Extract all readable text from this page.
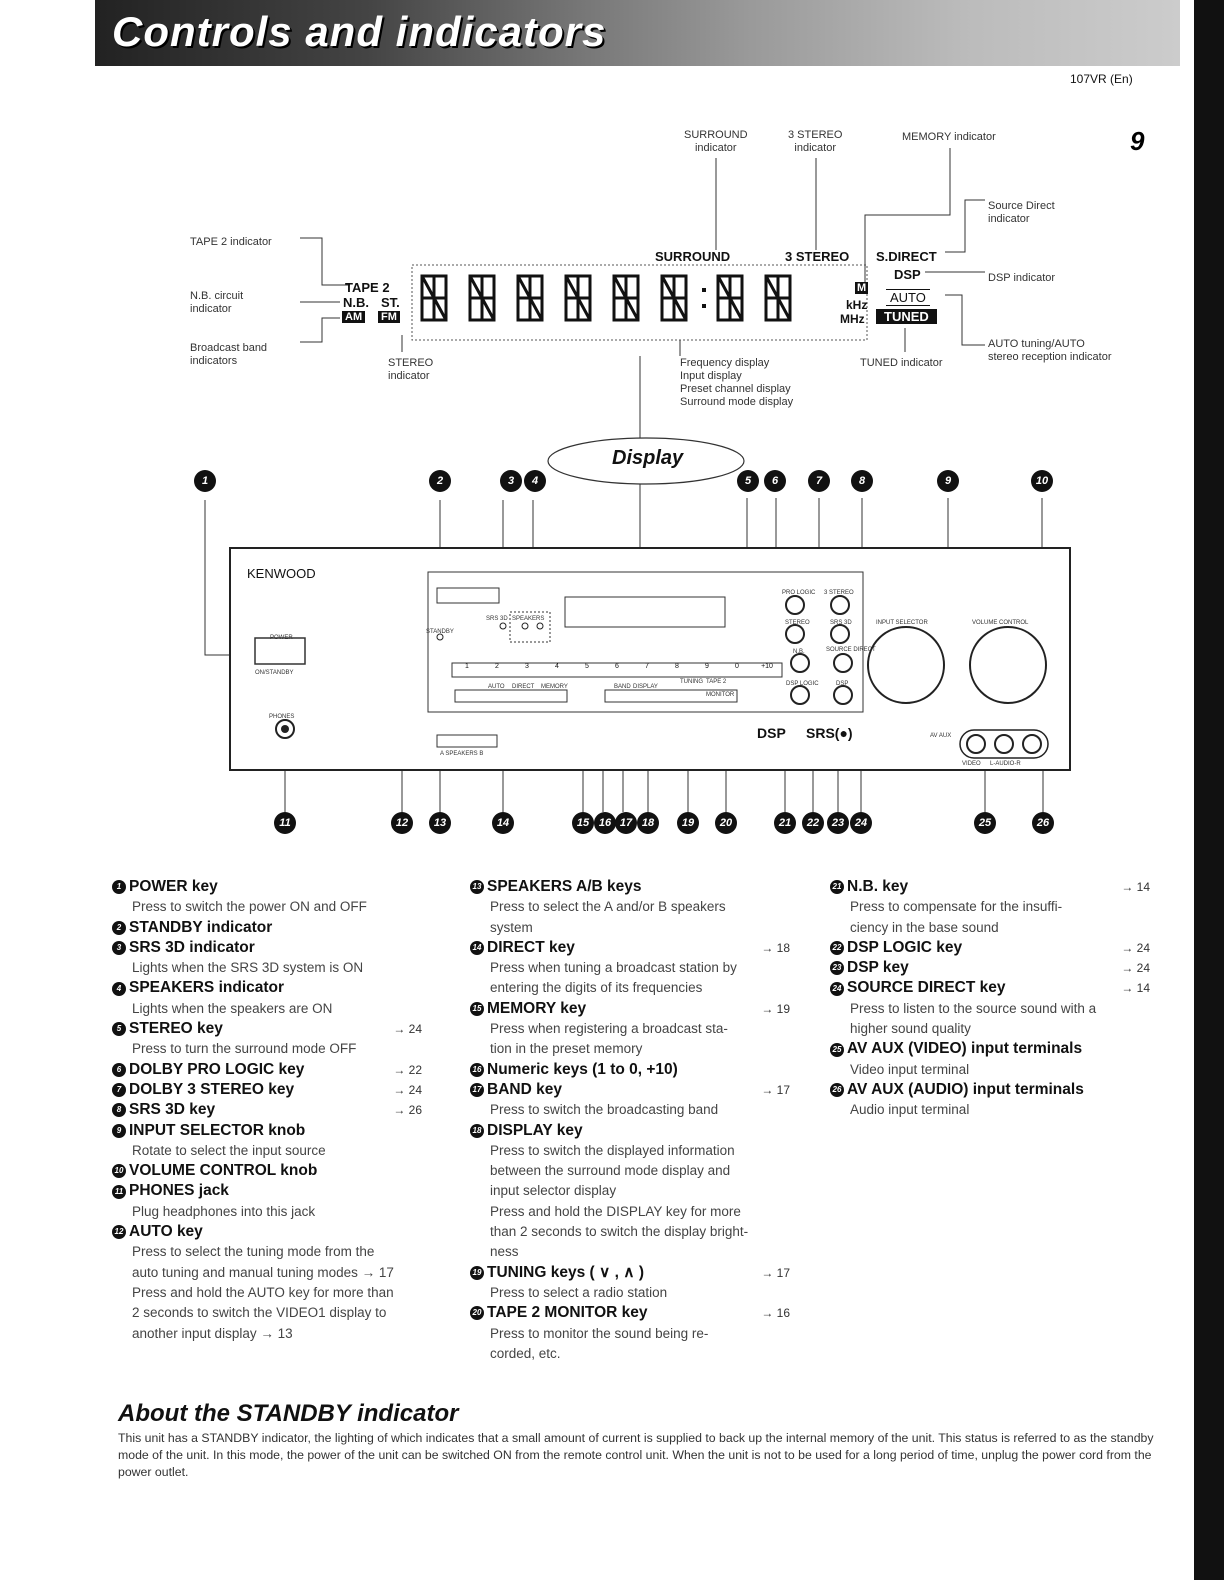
Controls and indicators
107VR (En)
9
SURROUND	3 STEREO S.DIRECT
DSP
AUTO
TUNED
TAPE 2
N.B. ST.
AM FM
kHz
MHz
M
SURROUND
indicator
3 STEREO
indicator
MEMORY indicator
Source Direct
indicator
TAPE 2 indicator
N.B. circuit
indicator
Broadcast band
indicators	STEREO
indicator
DSP indicator
AUTO tuning/AUTO
stereo reception indicator
TUNED indicator
Frequency display
Input display
Preset channel display
Surround mode display
Display
KENWOOD
POWER
ON/STANDBY
PHONES
STANDBY
SRS 3D SPEAKERS
PRO LOGIC 3 STEREO
STEREO	SRS 3D
N.B.	SOURCE DIRECT
DSP LOGIC	DSP
INPUT SELECTOR	VOLUME CONTROL
AUTO DIRECT MEMORY	BAND DISPLAY
TUNING TAPE 2 MONITOR
AV AUX
VIDEO L-AUDIO-R
DSP SRS(●)
A SPEAKERS B
1	2	3	4	5	6	7	8	9	0	+10
1	2	3	4	5	6	7	8	9	10
11	12	13	14	15 16 17 18	19	20	21	22	23 24	25	26
1 POWER key
Press to switch the power ON and OFF
2 STANDBY indicator
3 SRS 3D indicator
Lights when the SRS 3D system is ON
4 SPEAKERS indicator
Lights when the speakers are ON
5 STEREO key	→ 24
Press to turn the surround mode OFF
6 DOLBY PRO LOGIC key	→ 22
7 DOLBY 3 STEREO key	→ 24
8 SRS 3D key	→ 26
9 INPUT SELECTOR knob
Rotate to select the input source
10 VOLUME CONTROL knob
11 PHONES jack
Plug headphones into this jack
12 AUTO key
Press to select the tuning mode from the
auto tuning and manual tuning modes → 17
Press and hold the AUTO key for more than
2 seconds to switch the VIDEO1 display to
another input display → 13
13 SPEAKERS A/B keys
Press to select the A and/or B speakers
system
14 DIRECT key	→ 18
Press when tuning a broadcast station by
entering the digits of its frequencies
15 MEMORY key	→ 19
Press when registering a broadcast sta-
tion in the preset memory
16 Numeric keys (1 to 0, +10)
17 BAND key	→ 17
Press to switch the broadcasting band
18 DISPLAY key
Press to switch the displayed information
between the surround mode display and
input selector display
Press and hold the DISPLAY key for more
than 2 seconds to switch the display bright-
ness
19 TUNING keys ( ∨ , ∧ )	→ 17
Press to select a radio station
20 TAPE 2 MONITOR key	→ 16
Press to monitor the sound being re-
corded, etc.
21 N.B. key	→ 14
Press to compensate for the insuffi-
ciency in the base sound
22 DSP LOGIC key	→ 24
23 DSP key	→ 24
24 SOURCE DIRECT key	→ 14
Press to listen to the source sound with a
higher sound quality
25 AV AUX (VIDEO) input terminals
Video input terminal
26 AV AUX (AUDIO) input terminals
Audio input terminal
About the STANDBY indicator
This unit has a STANDBY indicator, the lighting of which indicates that a small amount of current is supplied to back up the internal memory of the unit. This status is referred to as the standby mode of the unit. In this mode, the power of the unit can be switched ON from the remote control unit. When the unit is not to be used for a long period of time, unplug the power cord from the power outlet.
